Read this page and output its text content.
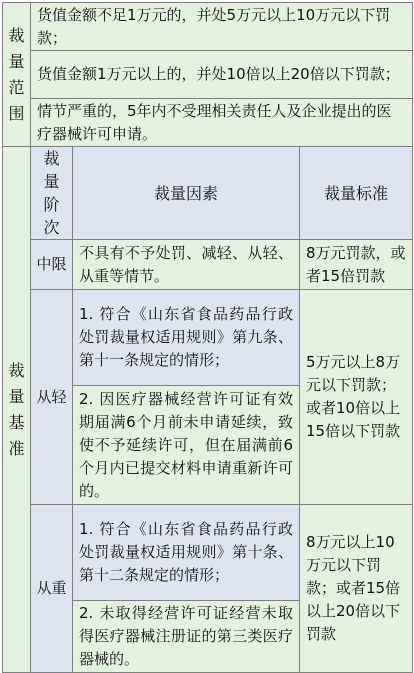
裁
量
范
围	货值金额不足1万元的，并处5万元以上10万元以下罚款；		
	货值金额1万元以上的，并处10倍以上20倍以下罚款；		
	情节严重的，5年内不受理相关责任人及企业提出的医疗器械许可申请。		

裁
量
基
准	裁量阶次	裁量因素	裁量标准
	中限	不具有不予处罚、减轻、从轻、从重等情节。	8万元罚款，或者15倍罚款
	从轻	1. 符合《山东省食品药品行政处罚裁量权适用规则》第九条、第十一条规定的情形；	5万元以上8万元以下罚款；或者10倍以上15倍以下罚款
		2. 因医疗器械经营许可证有效期届满6个月前未申请延续，致使不予延续许可，但在届满前6个月内已提交材料申请重新许可的。	
	从重	1. 符合《山东省食品药品行政处罚裁量权适用规则》第十条、第十二条规定的情形；	8万元以上10万元以下罚款；或者15倍以上20倍以下罚款
		2. 未取得经营许可证经营未取得医疗器械注册证的第三类医疗器械的。	
